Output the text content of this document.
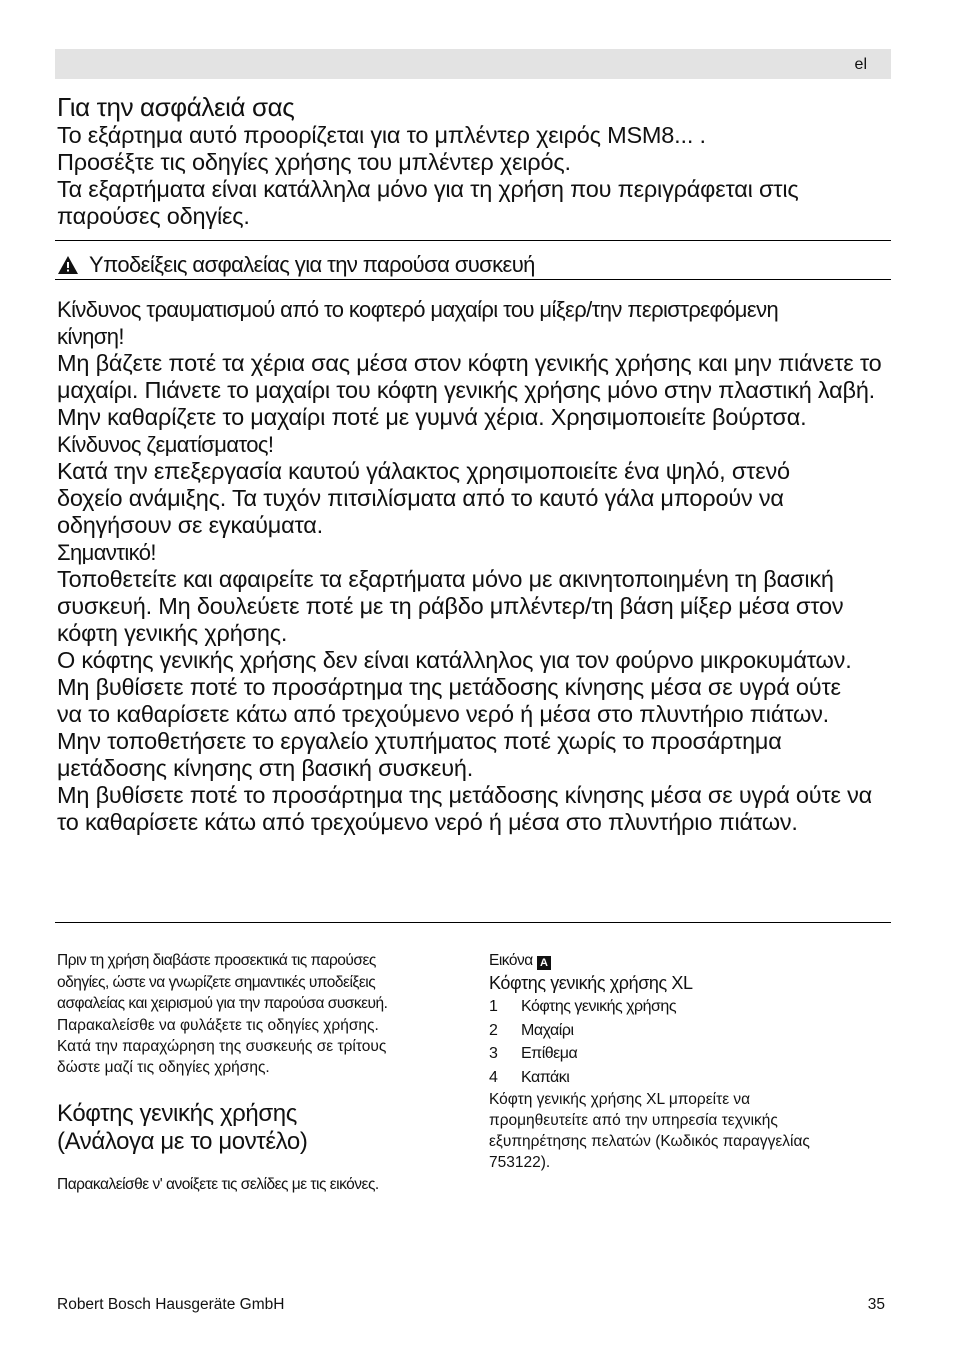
el
Για την ασφάλειά σας
Το εξάρτημα αυτό προορίζεται για το μπλέντερ χειρός MSM8... .
Προσέξτε τις οδηγίες χρήσης του μπλέντερ χειρός.
Τα εξαρτήματα είναι κατάλληλα μόνο για τη χρήση που περιγράφεται στις παρούσες οδηγίες.
Υποδείξεις ασφαλείας για την παρούσα συσκευή
Κίνδυνος τραυματισμού από το κοφτερό μαχαίρι του μίξερ/την περιστρεφόμενη κίνηση!
Μη βάζετε ποτέ τα χέρια σας μέσα στον κόφτη γενικής χρήσης και μην πιάνετε το μαχαίρι. Πιάνετε το μαχαίρι του κόφτη γενικής χρήσης μόνο στην πλαστική λαβή. Μην καθαρίζετε το μαχαίρι ποτέ με γυμνά χέρια. Χρησιμοποιείτε βούρτσα.
Κίνδυνος ζεματίσματος!
Κατά την επεξεργασία καυτού γάλακτος χρησιμοποιείτε ένα ψηλό, στενό δοχείο ανάμιξης. Τα τυχόν πιτσιλίσματα από το καυτό γάλα μπορούν να οδηγήσουν σε εγκαύματα.
Σημαντικό!
Τοποθετείτε και αφαιρείτε τα εξαρτήματα μόνο με ακινητοποιημένη τη βασική συσκευή. Μη δουλεύετε ποτέ με τη ράβδο μπλέντερ/τη βάση μίξερ μέσα στον κόφτη γενικής χρήσης.
Ο κόφτης γενικής χρήσης δεν είναι κατάλληλος για τον φούρνο μικροκυμάτων. Μη βυθίσετε ποτέ το προσάρτημα της μετάδοσης κίνησης μέσα σε υγρά ούτε να το καθαρίσετε κάτω από τρεχούμενο νερό ή μέσα στο πλυντήριο πιάτων.
Μην τοποθετήσετε το εργαλείο χτυπήματος ποτέ χωρίς το προσάρτημα μετάδοσης κίνησης στη βασική συσκευή.
Μη βυθίσετε ποτέ το προσάρτημα της μετάδοσης κίνησης μέσα σε υγρά ούτε να το καθαρίσετε κάτω από τρεχούμενο νερό ή μέσα στο πλυντήριο πιάτων.
Πριν τη χρήση διαβάστε προσεκτικά τις παρούσες οδηγίες, ώστε να γνωρίζετε σημαντικές υποδείξεις ασφαλείας και χειρισμού για την παρούσα συσκευή.
Παρακαλείσθε να φυλάξετε τις οδηγίες χρήσης.
Κατά την παραχώρηση της συσκευής σε τρίτους δώστε μαζί τις οδηγίες χρήσης.
Κόφτης γενικής χρήσης (Ανάλογα με το μοντέλο)
Παρακαλείσθε ν' ανοίξετε τις σελίδες με τις εικόνες.
Εικόνα A
Κόφτης γενικής χρήσης XL
1	Κόφτης γενικής χρήσης
2	Μαχαίρι
3	Επίθεμα
4	Καπάκι
Κόφτη γενικής χρήσης XL μπορείτε να προμηθευτείτε από την υπηρεσία τεχνικής εξυπηρέτησης πελατών (Κωδικός παραγγελίας 753122).
Robert Bosch Hausgeräte GmbH	35
